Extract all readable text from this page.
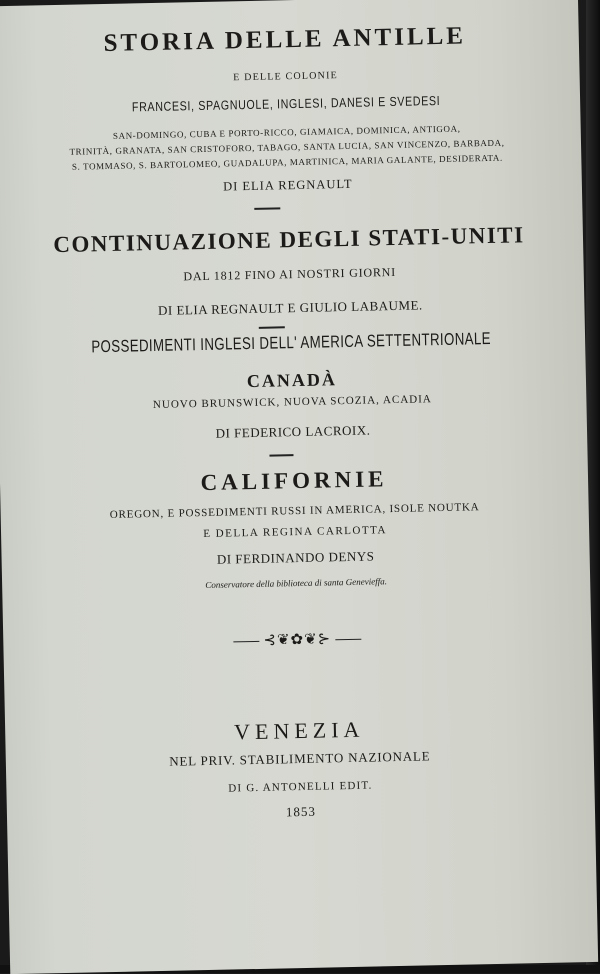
STORIA DELLE ANTILLE

E DELLE COLONIE

FRANCESI, SPAGNUOLE, INGLESI, DANESI E SVEDESI

SAN-DOMINGO, CUBA E PORTO-RICCO, GIAMAICA, DOMINICA, ANTIGOA,

TRINITÀ, GRANATA, SAN CRISTOFORO, TABAGO, SANTA LUCIA, SAN VINCENZO, BARBADA,

S. TOMMASO, S. BARTOLOMEO, GUADALUPA, MARTINICA, MARIA GALANTE, DESIDERATA.

DI ELIA REGNAULT

CONTINUAZIONE DEGLI STATI-UNITI

DAL 1812 FINO AI NOSTRI GIORNI

DI ELIA REGNAULT E GIULIO LABAUME.

POSSEDIMENTI INGLESI DELL' AMERICA SETTENTRIONALE

CANADÀ

NUOVO BRUNSWICK, NUOVA SCOZIA, ACADIA

DI FEDERICO LACROIX.

CALIFORNIE

OREGON, E POSSEDIMENTI RUSSI IN AMERICA, ISOLE NOUTKA

E DELLA REGINA CARLOTTA

DI FERDINANDO DENYS

Conservatore della biblioteca di santa Genevieffa.

⊰❦✿❦⊱

VENEZIA

NEL PRIV. STABILIMENTO NAZIONALE

DI G. ANTONELLI EDIT.

1853
